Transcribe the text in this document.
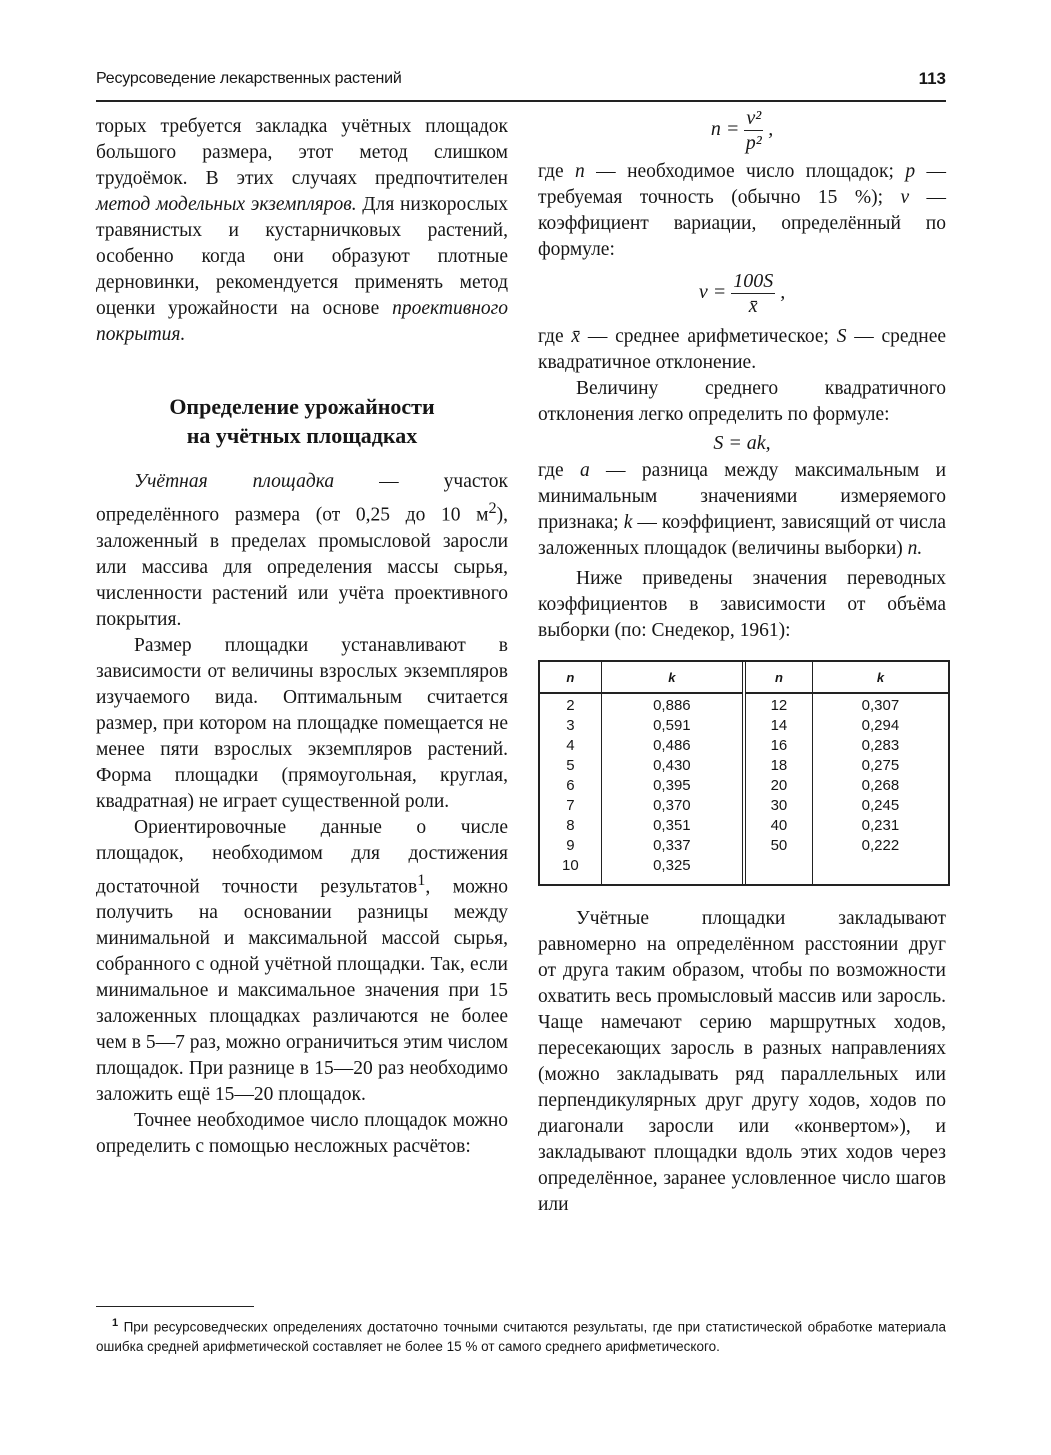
Ресурсоведение лекарственных растений	113

торых требуется закладка учётных площадок большого размера, этот метод слишком трудоёмок. В этих случаях предпочтителен метод модельных экземпляров. Для низкорослых травянистых и кустарничковых растений, особенно когда они образуют плотные дерновинки, рекомендуется применять метод оценки урожайности на основе проективного покрытия.

Определение урожайности
на учётных площадках

Учётная площадка — участок определённого размера (от 0,25 до 10 $м^2$), заложенный в пределах промысловой заросли или массива для определения массы сырья, численности растений или учёта проективного покрытия.

Размер площадки устанавливают в зависимости от величины взрослых экземпляров изучаемого вида. Оптимальным считается размер, при котором на площадке помещается не менее пяти взрослых экземпляров растений. Форма площадки (прямоугольная, круглая, квадратная) не играет существенной роли.

Ориентировочные данные о числе площадок, необходимом для достижения достаточной точности результатов$^1$, можно получить на основании разницы между минимальной и максимальной массой сырья, собранного с одной учётной площадки. Так, если минимальное и максимальное значения при 15 заложенных площадках различаются не более чем в 5—7 раз, можно ограничиться этим числом площадок. При разнице в 15—20 раз необходимо заложить ещё 15—20 площадок.

Точнее необходимое число площадок можно определить с помощью несложных расчётов:

$n = \frac{\text{v²}}{\text{p²}}$ ,

где n — необходимое число площадок; p — требуемая точность (обычно 15 %); v — коэффициент вариации, определённый по формуле:

$v = \frac{100S}{x̄}$ ,

где x̄ — среднее арифметическое; S — среднее квадратичное отклонение.

Величину среднего квадратичного отклонения легко определить по формуле:

S = ak,

где a — разница между максимальным и минимальным значениями измеряемого признака; k — коэффициент, зависящий от числа заложенных площадок (величины выборки) n.

Ниже приведены значения переводных коэффициентов в зависимости от объёма выборки (по: Снедекор, 1961):

n	k	n	k
2	0,886	12	0,307
3	0,591	14	0,294
4	0,486	16	0,283
5	0,430	18	0,275
6	0,395	20	0,268
7	0,370	30	0,245
8	0,351	40	0,231
9	0,337	50	0,222
10	0,325		

Учётные площадки закладывают равномерно на определённом расстоянии друг от друга таким образом, чтобы по возможности охватить весь промысловый массив или заросль. Чаще намечают серию маршрутных ходов, пересекающих заросль в разных направлениях (можно закладывать ряд параллельных или перпендикулярных друг другу ходов, ходов по диагонали заросли или «конвертом»), и закладывают площадки вдоль этих ходов через определённое, заранее условленное число шагов или

$^1$ При ресурсоведческих определениях достаточно точными считаются результаты, где при статистической обработке материала ошибка средней арифметической составляет не более 15 % от самого среднего арифметического.
